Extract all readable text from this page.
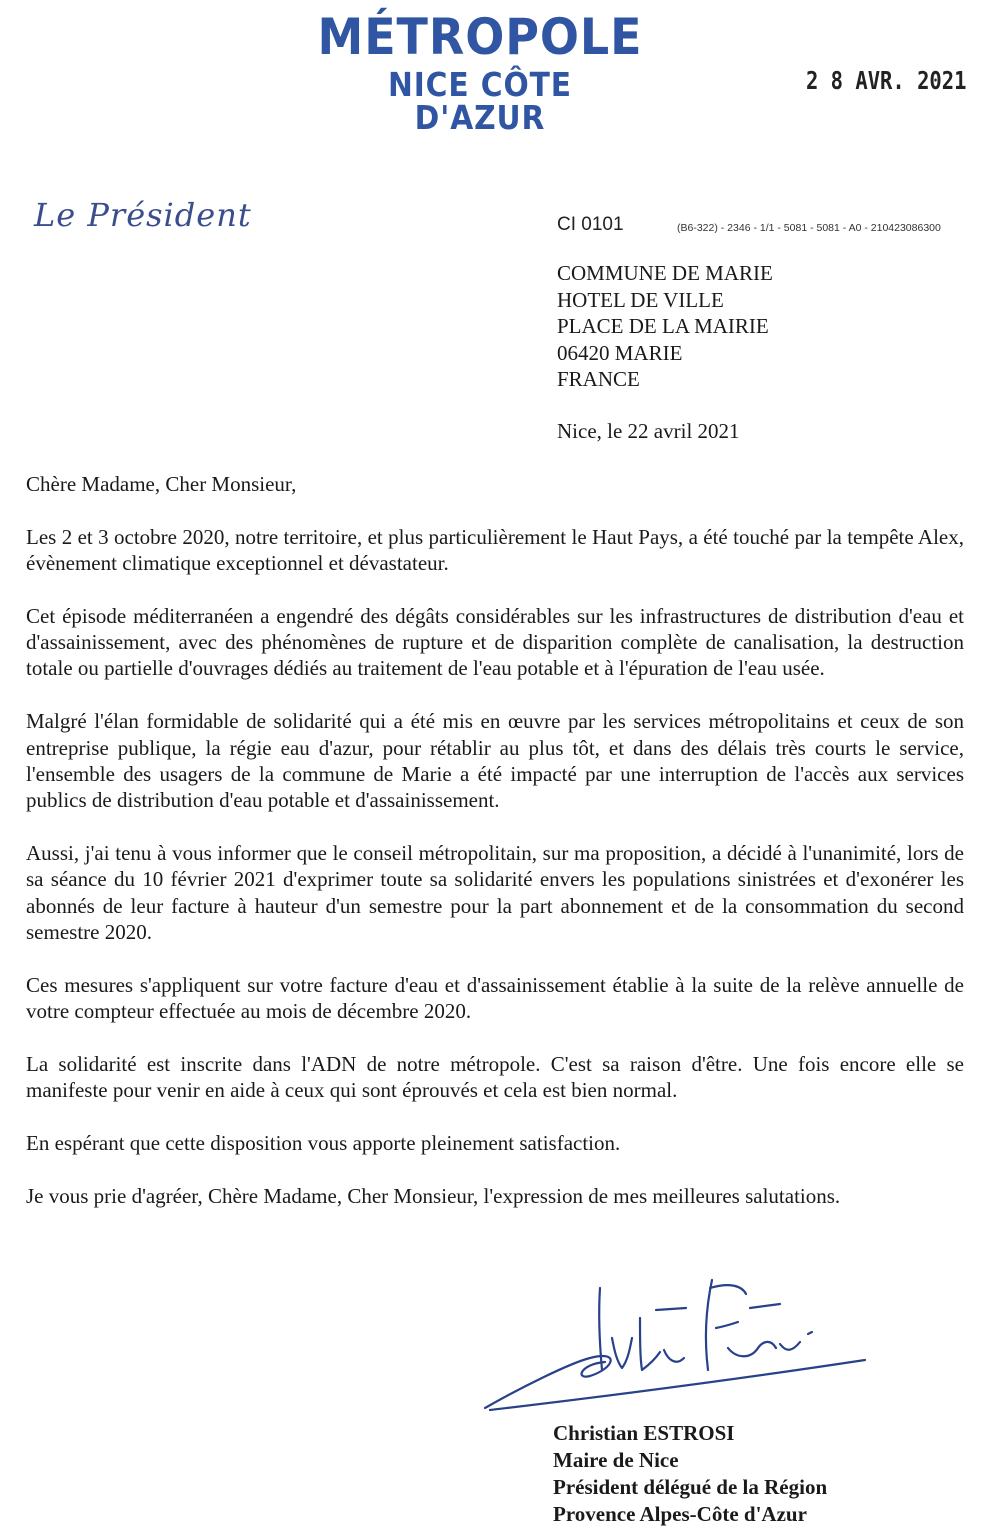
MÉTROPOLE
NICE CÔTE D'AZUR
2 8 AVR. 2021
Le Président	CI 0101	(B6-322) - 2346 - 1/1 - 5081 - 5081 - A0 - 210423086300
COMMUNE DE MARIE
HOTEL DE VILLE
PLACE DE LA MAIRIE
06420 MARIE
FRANCE
Nice, le 22 avril 2021

Chère Madame, Cher Monsieur,

Les 2 et 3 octobre 2020, notre territoire, et plus particulièrement le Haut Pays, a été touché par la tempête Alex, évènement climatique exceptionnel et dévastateur.

Cet épisode méditerranéen a engendré des dégâts considérables sur les infrastructures de distribution d'eau et d'assainissement, avec des phénomènes de rupture et de disparition complète de canalisation, la destruction totale ou partielle d'ouvrages dédiés au traitement de l'eau potable et à l'épuration de l'eau usée.

Malgré l'élan formidable de solidarité qui a été mis en œuvre par les services métropolitains et ceux de son entreprise publique, la régie eau d'azur, pour rétablir au plus tôt, et dans des délais très courts le service, l'ensemble des usagers de la commune de Marie a été impacté par une interruption de l'accès aux services publics de distribution d'eau potable et d'assainissement.

Aussi, j'ai tenu à vous informer que le conseil métropolitain, sur ma proposition, a décidé à l'unanimité, lors de sa séance du 10 février 2021 d'exprimer toute sa solidarité envers les populations sinistrées et d'exonérer les abonnés de leur facture à hauteur d'un semestre pour la part abonnement et de la consommation du second semestre 2020.

Ces mesures s'appliquent sur votre facture d'eau et d'assainissement établie à la suite de la relève annuelle de votre compteur effectuée au mois de décembre 2020.

La solidarité est inscrite dans l'ADN de notre métropole. C'est sa raison d'être. Une fois encore elle se manifeste pour venir en aide à ceux qui sont éprouvés et cela est bien normal.

En espérant que cette disposition vous apporte pleinement satisfaction.

Je vous prie d'agréer, Chère Madame, Cher Monsieur, l'expression de mes meilleures salutations.

Christian ESTROSI
Maire de Nice
Président délégué de la Région
Provence Alpes-Côte d'Azur
